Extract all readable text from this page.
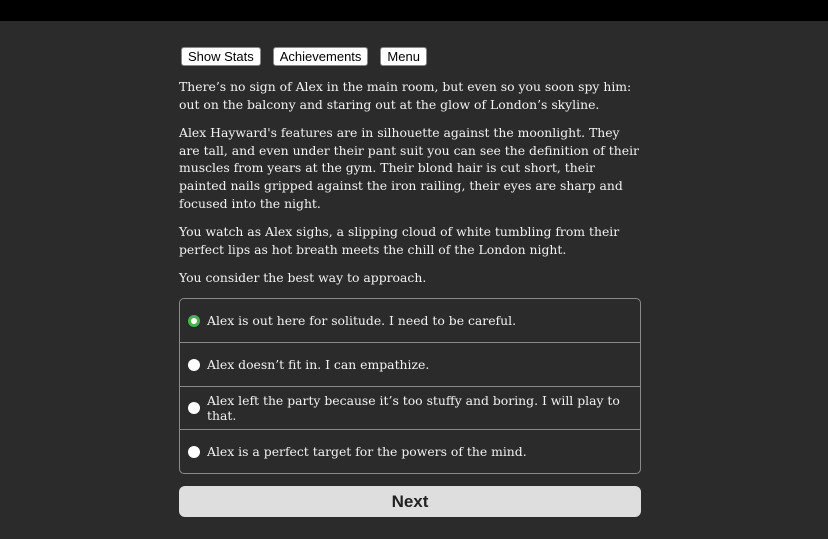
Show Stats	Achievements	Menu

There’s no sign of Alex in the main room, but even so you soon spy him: out on the balcony and staring out at the glow of London’s skyline.

Alex Hayward's features are in silhouette against the moonlight. They are tall, and even under their pant suit you can see the definition of their muscles from years at the gym. Their blond hair is cut short, their painted nails gripped against the iron railing, their eyes are sharp and focused into the night.

You watch as Alex sighs, a slipping cloud of white tumbling from their perfect lips as hot breath meets the chill of the London night.

You consider the best way to approach.

Alex is out here for solitude. I need to be careful.
Alex doesn’t fit in. I can empathize.
Alex left the party because it’s too stuffy and boring. I will play to that.
Alex is a perfect target for the powers of the mind.
Next
